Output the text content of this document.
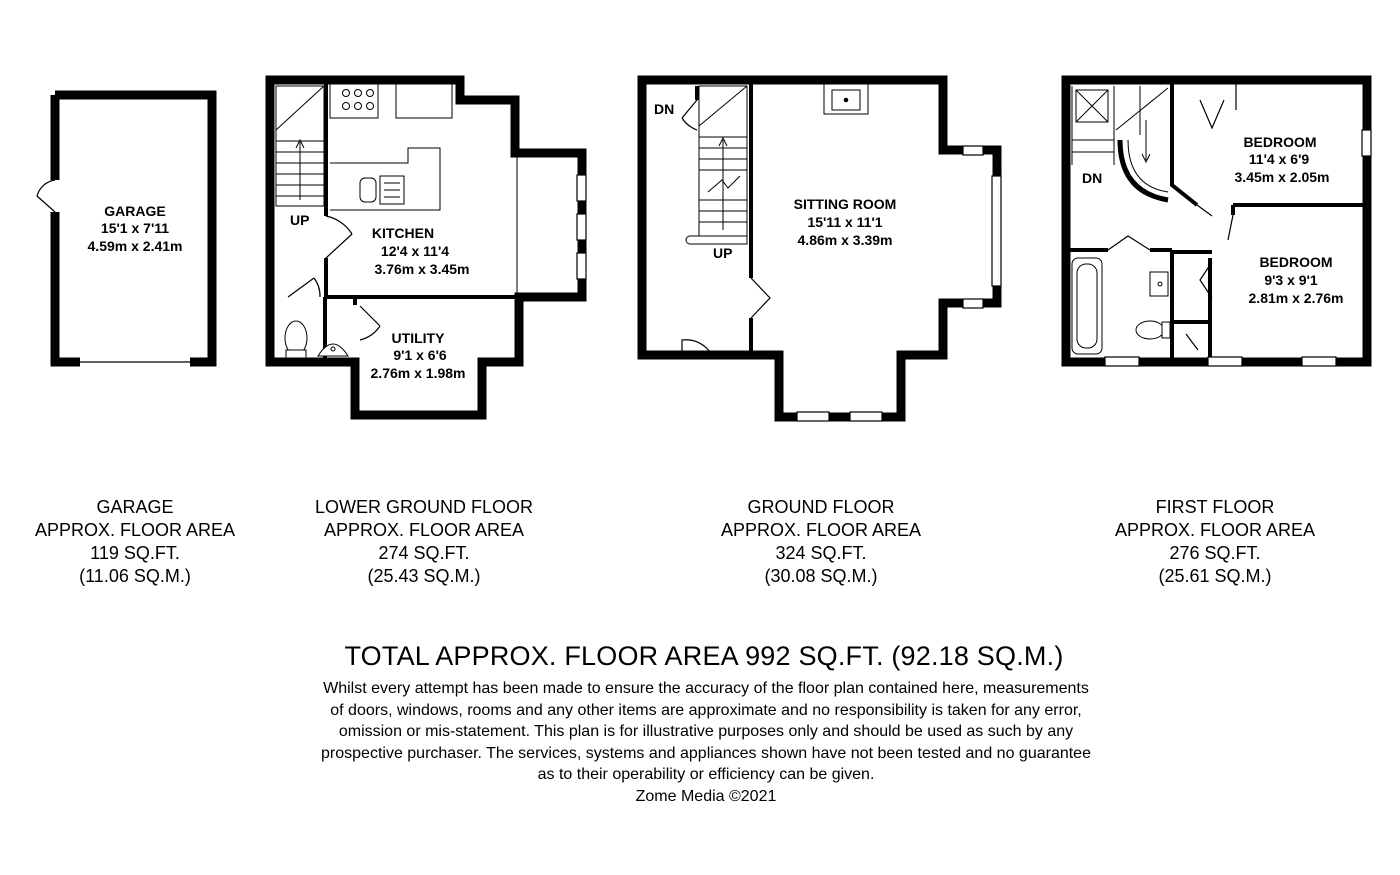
GARAGE
15'1 x 7'11
4.59m x 2.41m
UP
KITCHEN
12'4 x 11'4
3.76m x 3.45m
UTILITY
9'1 x 6'6
2.76m x 1.98m
DN
UP
SITTING ROOM
15'11 x 11'1
4.86m x 3.39m
DN
BEDROOM
11'4 x 6'9
3.45m x 2.05m
BEDROOM
9'3 x 9'1
2.81m x 2.76m
GARAGE
APPROX. FLOOR AREA
119 SQ.FT.
(11.06 SQ.M.)
LOWER GROUND FLOOR
APPROX. FLOOR AREA
274 SQ.FT.
(25.43 SQ.M.)
GROUND FLOOR
APPROX. FLOOR AREA
324 SQ.FT.
(30.08 SQ.M.)
FIRST FLOOR
APPROX. FLOOR AREA
276 SQ.FT.
(25.61 SQ.M.)
TOTAL APPROX. FLOOR AREA 992 SQ.FT. (92.18 SQ.M.)
Whilst every attempt has been made to ensure the accuracy of the floor plan contained here, measurements
of doors, windows, rooms and any other items are approximate and no responsibility is taken for any error,
omission or mis-statement. This plan is for illustrative purposes only and should be used as such by any
prospective purchaser. The services, systems and appliances shown have not been tested and no guarantee
as to their operability or efficiency can be given.
Zome Media ©2021
